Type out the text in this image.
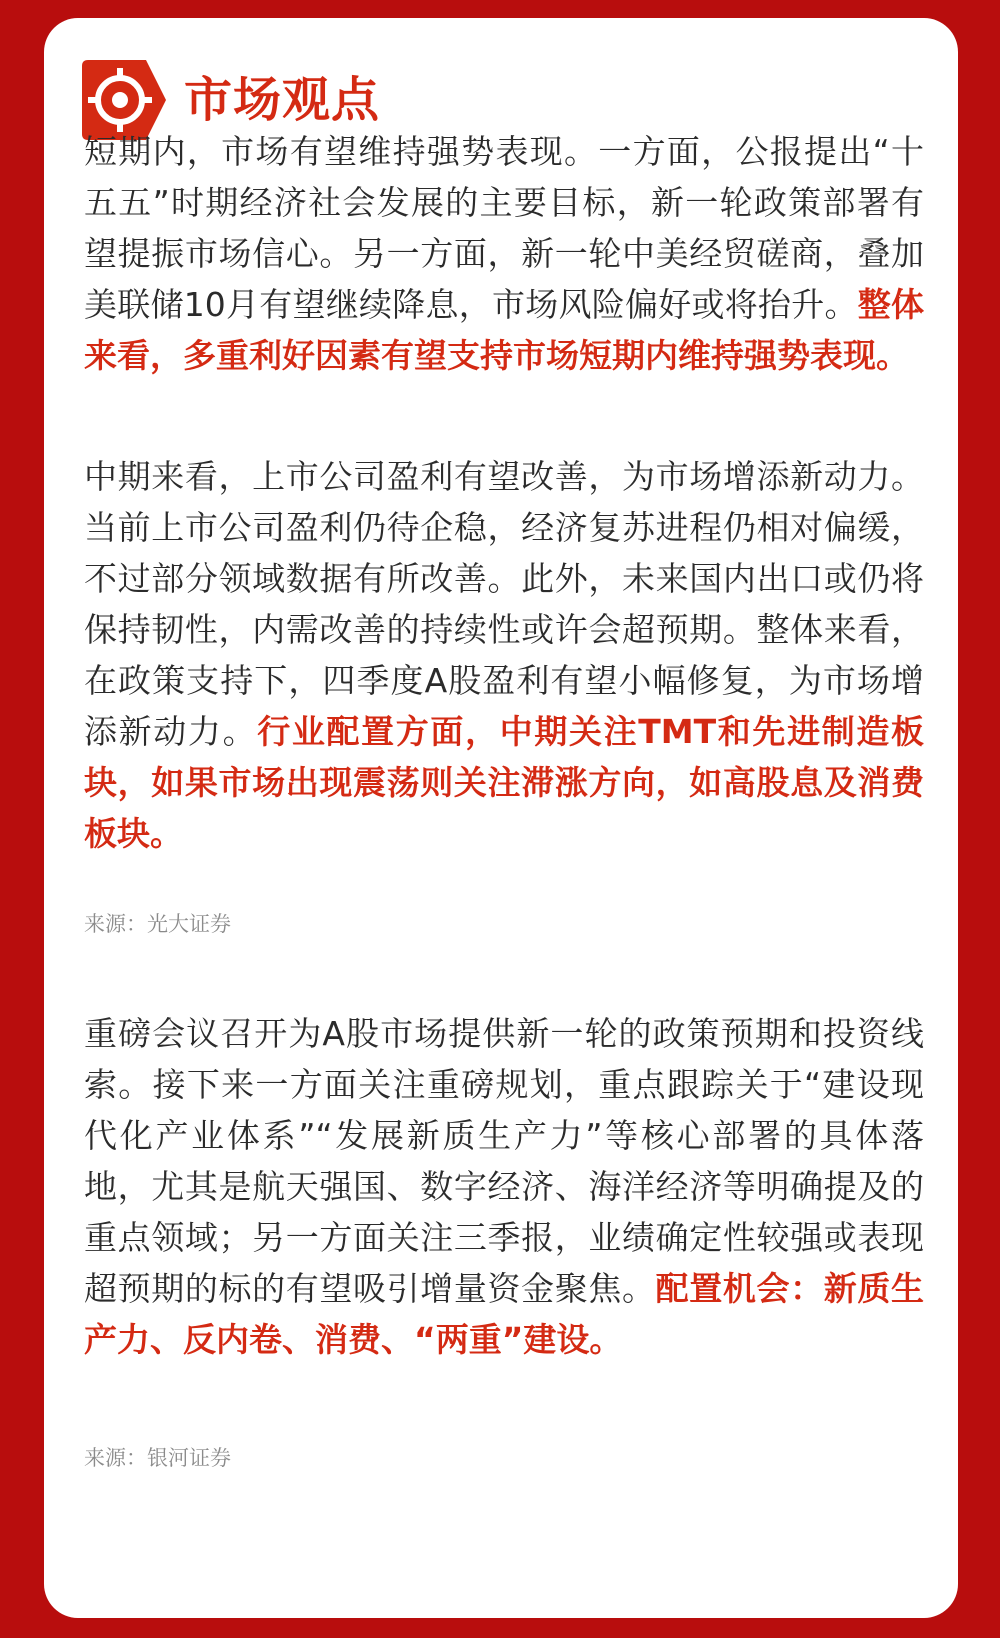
市场观点

短期内，市场有望维持强势表现。一方面，公报提出“十五五”时期经济社会发展的主要目标，新一轮政策部署有望提振市场信心。另一方面，新一轮中美经贸磋商，叠加美联储10月有望继续降息，市场风险偏好或将抬升。整体来看，多重利好因素有望支持市场短期内维持强势表现。

中期来看，上市公司盈利有望改善，为市场增添新动力。当前上市公司盈利仍待企稳，经济复苏进程仍相对偏缓，不过部分领域数据有所改善。此外，未来国内出口或仍将保持韧性，内需改善的持续性或许会超预期。整体来看，在政策支持下，四季度A股盈利有望小幅修复，为市场增添新动力。行业配置方面，中期关注TMT和先进制造板块，如果市场出现震荡则关注滞涨方向，如高股息及消费板块。

来源：光大证券

重磅会议召开为A股市场提供新一轮的政策预期和投资线索。接下来一方面关注重磅规划，重点跟踪关于“建设现代化产业体系”“发展新质生产力”等核心部署的具体落地，尤其是航天强国、数字经济、海洋经济等明确提及的重点领域；另一方面关注三季报，业绩确定性较强或表现超预期的标的有望吸引增量资金聚焦。配置机会：新质生产力、反内卷、消费、“两重”建设。

来源：银河证券
